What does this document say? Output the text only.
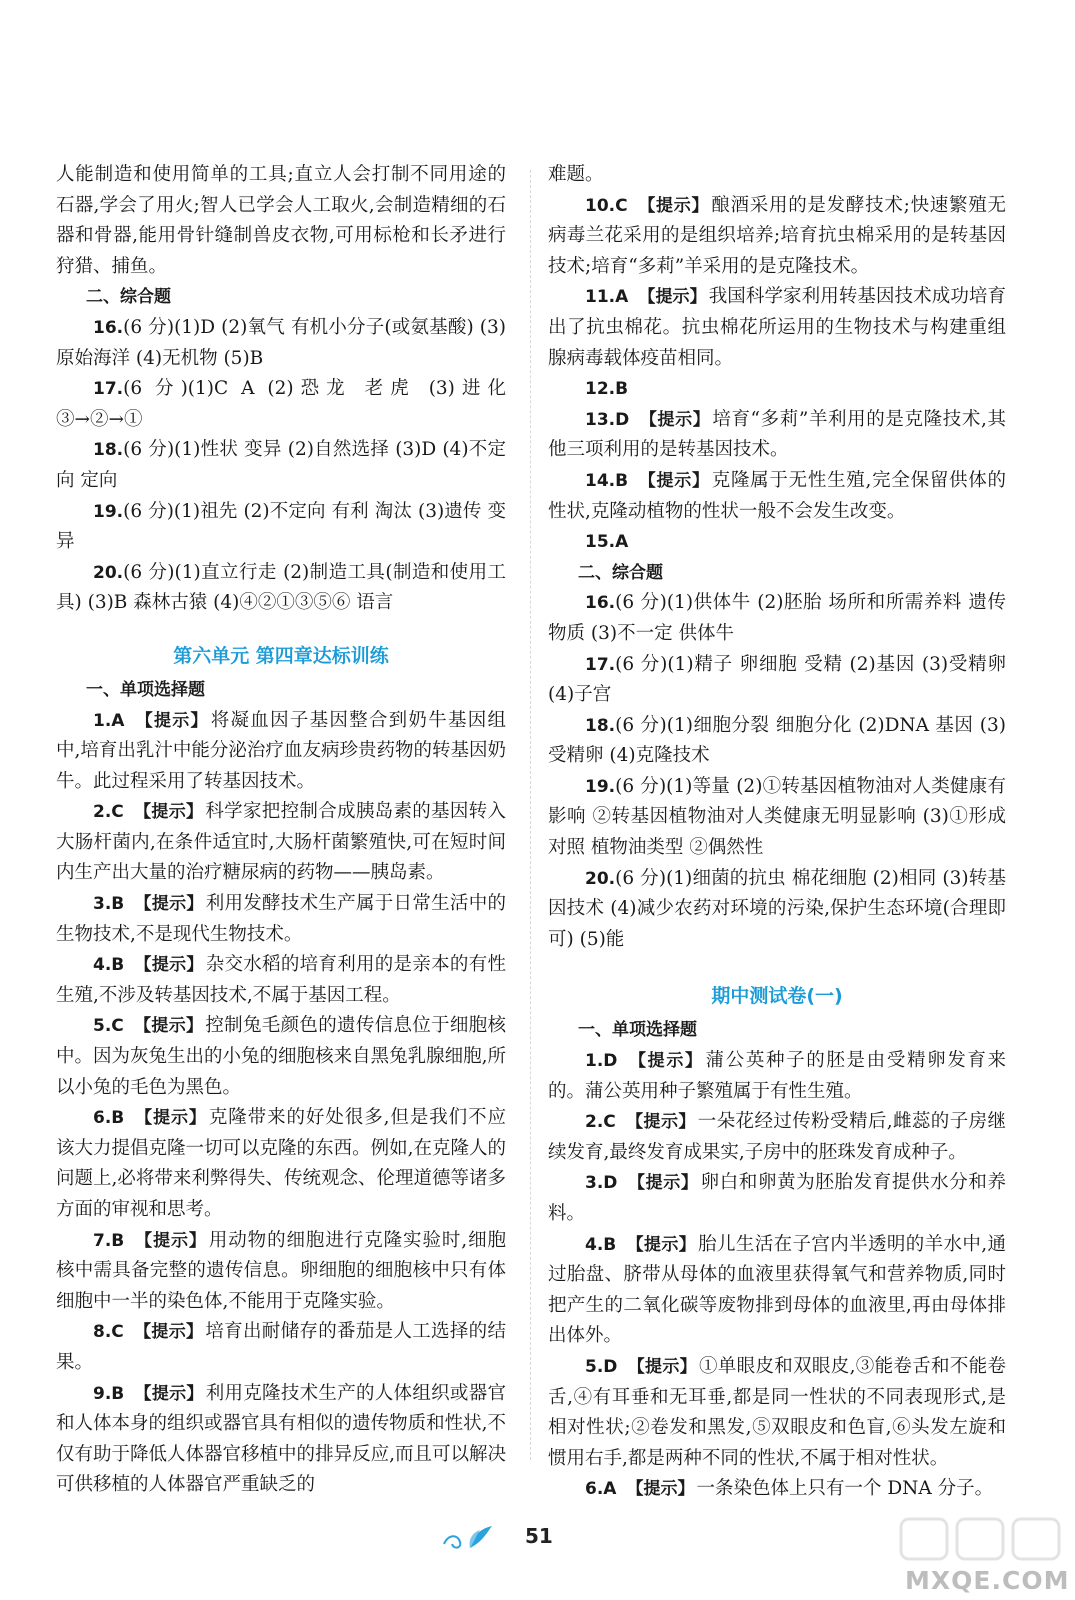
人能制造和使用简单的工具;直立人会打制不同用途的石器,学会了用火;智人已学会人工取火,会制造精细的石器和骨器,能用骨针缝制兽皮衣物,可用标枪和长矛进行狩猎、捕鱼。
二、综合题
16.(6 分)(1)D (2)氧气 有机小分子(或氨基酸) (3)原始海洋 (4)无机物 (5)B
17.(6 分)(1)C A (2)恐龙 老虎 (3)进化 ③→②→①
18.(6 分)(1)性状 变异 (2)自然选择 (3)D (4)不定向 定向
19.(6 分)(1)祖先 (2)不定向 有利 淘汰 (3)遗传 变异
20.(6 分)(1)直立行走 (2)制造工具(制造和使用工具) (3)B 森林古猿 (4)④②①③⑤⑥ 语言
第六单元 第四章达标训练
一、单项选择题
1.A 【提示】 将凝血因子基因整合到奶牛基因组中,培育出乳汁中能分泌治疗血友病珍贵药物的转基因奶牛。此过程采用了转基因技术。
2.C 【提示】 科学家把控制合成胰岛素的基因转入大肠杆菌内,在条件适宜时,大肠杆菌繁殖快,可在短时间内生产出大量的治疗糖尿病的药物——胰岛素。
3.B 【提示】 利用发酵技术生产属于日常生活中的生物技术,不是现代生物技术。
4.B 【提示】 杂交水稻的培育利用的是亲本的有性生殖,不涉及转基因技术,不属于基因工程。
5.C 【提示】 控制兔毛颜色的遗传信息位于细胞核中。因为灰兔生出的小兔的细胞核来自黑兔乳腺细胞,所以小兔的毛色为黑色。
6.B 【提示】 克隆带来的好处很多,但是我们不应该大力提倡克隆一切可以克隆的东西。例如,在克隆人的问题上,必将带来利弊得失、传统观念、伦理道德等诸多方面的审视和思考。
7.B 【提示】 用动物的细胞进行克隆实验时,细胞核中需具备完整的遗传信息。卵细胞的细胞核中只有体细胞中一半的染色体,不能用于克隆实验。
8.C 【提示】 培育出耐储存的番茄是人工选择的结果。
9.B 【提示】 利用克隆技术生产的人体组织或器官和人体本身的组织或器官具有相似的遗传物质和性状,不仅有助于降低人体器官移植中的排异反应,而且可以解决可供移植的人体器官严重缺乏的
难题。
10.C 【提示】 酿酒采用的是发酵技术;快速繁殖无病毒兰花采用的是组织培养;培育抗虫棉采用的是转基因技术;培育“多莉”羊采用的是克隆技术。
11.A 【提示】 我国科学家利用转基因技术成功培育出了抗虫棉花。抗虫棉花所运用的生物技术与构建重组腺病毒载体疫苗相同。
12.B
13.D 【提示】 培育“多莉”羊利用的是克隆技术,其他三项利用的是转基因技术。
14.B 【提示】 克隆属于无性生殖,完全保留供体的性状,克隆动植物的性状一般不会发生改变。
15.A
二、综合题
16.(6 分)(1)供体牛 (2)胚胎 场所和所需养料 遗传物质 (3)不一定 供体牛
17.(6 分)(1)精子 卵细胞 受精 (2)基因 (3)受精卵 (4)子宫
18.(6 分)(1)细胞分裂 细胞分化 (2)DNA 基因 (3)受精卵 (4)克隆技术
19.(6 分)(1)等量 (2)①转基因植物油对人类健康有影响 ②转基因植物油对人类健康无明显影响 (3)①形成对照 植物油类型 ②偶然性
20.(6 分)(1)细菌的抗虫 棉花细胞 (2)相同 (3)转基因技术 (4)减少农药对环境的污染,保护生态环境(合理即可) (5)能
期中测试卷(一)
一、单项选择题
1.D 【提示】 蒲公英种子的胚是由受精卵发育来的。蒲公英用种子繁殖属于有性生殖。
2.C 【提示】 一朵花经过传粉受精后,雌蕊的子房继续发育,最终发育成果实,子房中的胚珠发育成种子。
3.D 【提示】 卵白和卵黄为胚胎发育提供水分和养料。
4.B 【提示】 胎儿生活在子宫内半透明的羊水中,通过胎盘、脐带从母体的血液里获得氧气和营养物质,同时把产生的二氧化碳等废物排到母体的血液里,再由母体排出体外。
5.D 【提示】 ①单眼皮和双眼皮,③能卷舌和不能卷舌,④有耳垂和无耳垂,都是同一性状的不同表现形式,是相对性状;②卷发和黑发,⑤双眼皮和色盲,⑥头发左旋和惯用右手,都是两种不同的性状,不属于相对性状。
6.A 【提示】 一条染色体上只有一个 DNA 分子。
51
MXQE.COM
